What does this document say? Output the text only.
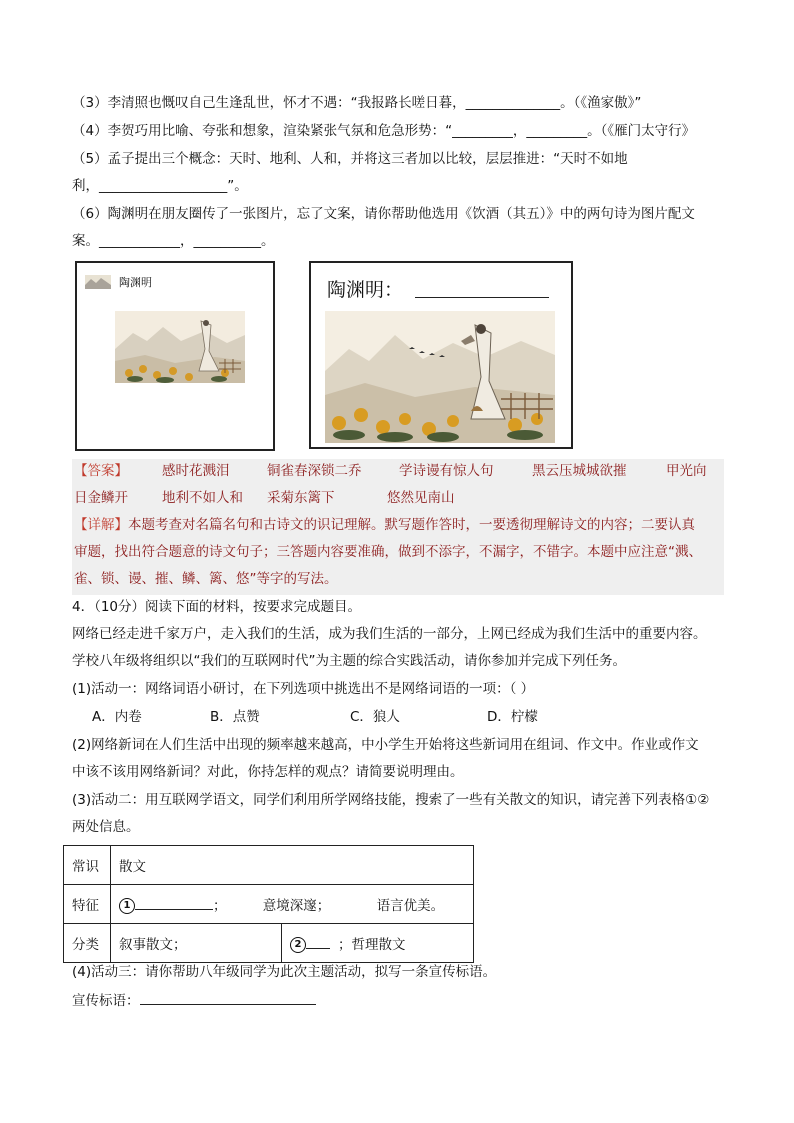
（3）李清照也慨叹自己生逢乱世，怀才不遇：“我报路长嗟日暮，______________。（《渔家傲》”
（4）李贺巧用比喻、夸张和想象，渲染紧张气氛和危急形势：“_________，_________。（《雁门太守行》
（5）孟子提出三个概念：天时、地利、人和，并将这三者加以比较，层层推进：“天时不如地
利，___________________”。
（6）陶渊明在朋友圈传了一张图片，忘了文案，请你帮助他选用《饮酒（其五）》中的两句诗为图片配文
案。____________，__________。
陶渊明	陶渊明：
【答案】	感时花溅泪	铜雀春深锁二乔	学诗谩有惊人句	黑云压城城欲摧	甲光向
日金鳞开	地利不如人和 采菊东篱下	悠然见南山
【详解】本题考查对名篇名句和古诗文的识记理解。默写题作答时，一要透彻理解诗文的内容；二要认真
审题，找出符合题意的诗文句子；三答题内容要准确，做到不添字，不漏字，不错字。本题中应注意“溅、
雀、锁、谩、摧、鳞、篱、悠”等字的写法。
4．（10分）阅读下面的材料，按要求完成题目。
网络已经走进千家万户，走入我们的生活，成为我们生活的一部分，上网已经成为我们生活中的重要内容。
学校八年级将组织以“我们的互联网时代”为主题的综合实践活动，请你参加并完成下列任务。
(1)活动一：网络词语小研讨，在下列选项中挑选出不是网络词语的一项：（ ）
A．内卷	B．点赞	C．狼人	D．柠檬
(2)网络新词在人们生活中出现的频率越来越高，中小学生开始将这些新词用在组词、作文中。作业或作文
中该不该用网络新词？对此，你持怎样的观点？请简要说明理由。
(3)活动二：用互联网学语文，同学们利用所学网络技能，搜索了一些有关散文的知识，请完善下列表格①②
两处信息。
常识	散文	
特征	1 ； 意境深邃； 语言优美。	
分类	叙事散文；	2 ；哲理散文
(4)活动三：请你帮助八年级同学为此次主题活动，拟写一条宣传标语。
宣传标语：
